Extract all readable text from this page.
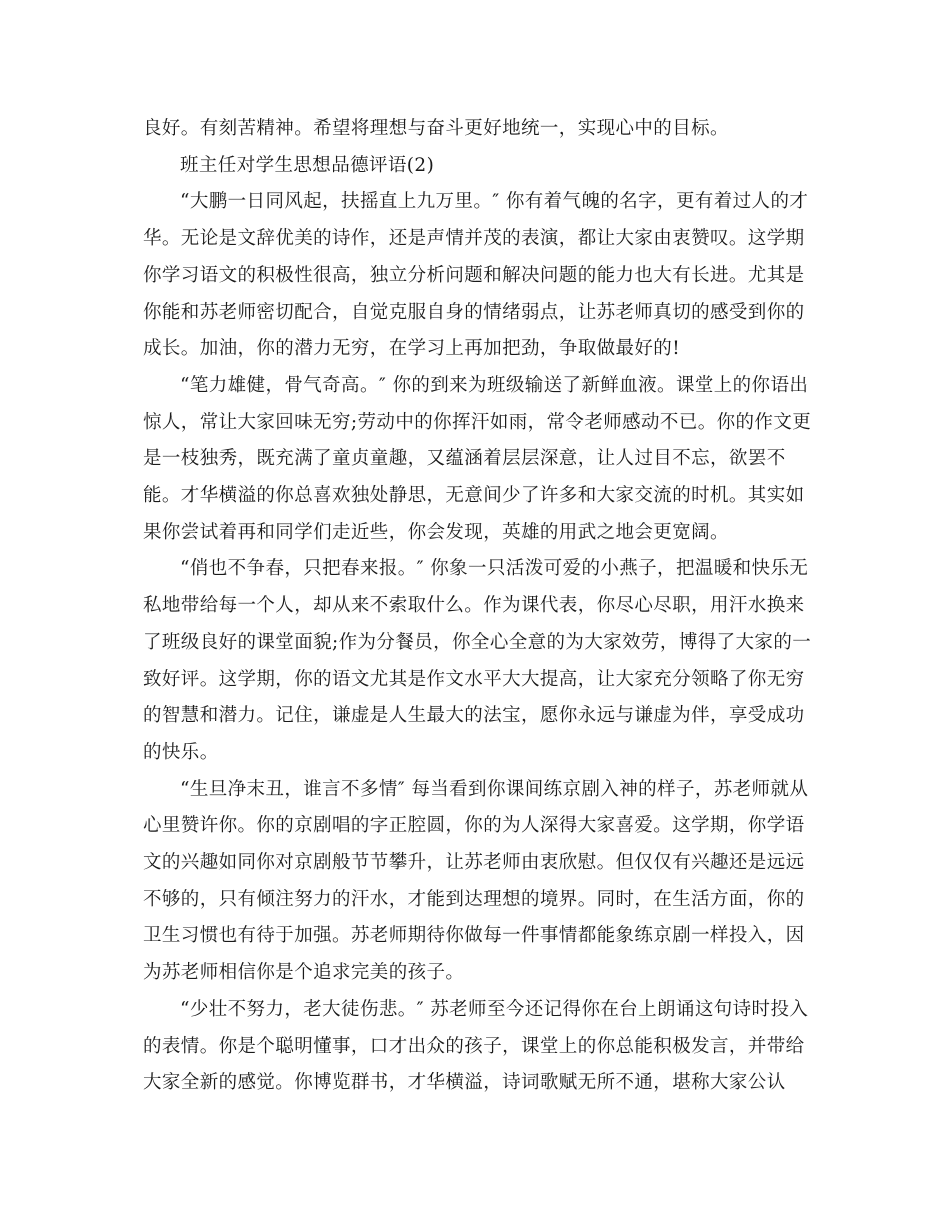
良好。有刻苦精神。希望将理想与奋斗更好地统一，实现心中的目标。
班主任对学生思想品德评语(2)
“大鹏一日同风起，扶摇直上九万里。″ 你有着气魄的名字，更有着过人的才
华。无论是文辞优美的诗作，还是声情并茂的表演，都让大家由衷赞叹。这学期
你学习语文的积极性很高，独立分析问题和解决问题的能力也大有长进。尤其是
你能和苏老师密切配合，自觉克服自身的情绪弱点，让苏老师真切的感受到你的
成长。加油，你的潜力无穷，在学习上再加把劲，争取做最好的!
“笔力雄健，骨气奇高。″ 你的到来为班级输送了新鲜血液。课堂上的你语出
惊人，常让大家回味无穷;劳动中的你挥汗如雨，常令老师感动不已。你的作文更
是一枝独秀，既充满了童贞童趣，又蕴涵着层层深意，让人过目不忘，欲罢不
能。才华横溢的你总喜欢独处静思，无意间少了许多和大家交流的时机。其实如
果你尝试着再和同学们走近些，你会发现，英雄的用武之地会更宽阔。
“俏也不争春，只把春来报。″ 你象一只活泼可爱的小燕子，把温暖和快乐无
私地带给每一个人，却从来不索取什么。作为课代表，你尽心尽职，用汗水换来
了班级良好的课堂面貌;作为分餐员，你全心全意的为大家效劳，博得了大家的一
致好评。这学期，你的语文尤其是作文水平大大提高，让大家充分领略了你无穷
的智慧和潜力。记住，谦虚是人生最大的法宝，愿你永远与谦虚为伴，享受成功
的快乐。
“生旦净末丑，谁言不多情″ 每当看到你课间练京剧入神的样子，苏老师就从
心里赞许你。你的京剧唱的字正腔圆，你的为人深得大家喜爱。这学期，你学语
文的兴趣如同你对京剧般节节攀升，让苏老师由衷欣慰。但仅仅有兴趣还是远远
不够的，只有倾注努力的汗水，才能到达理想的境界。同时，在生活方面，你的
卫生习惯也有待于加强。苏老师期待你做每一件事情都能象练京剧一样投入，因
为苏老师相信你是个追求完美的孩子。
“少壮不努力，老大徒伤悲。″ 苏老师至今还记得你在台上朗诵这句诗时投入
的表情。你是个聪明懂事，口才出众的孩子，课堂上的你总能积极发言，并带给
大家全新的感觉。你博览群书，才华横溢，诗词歌赋无所不通，堪称大家公认
